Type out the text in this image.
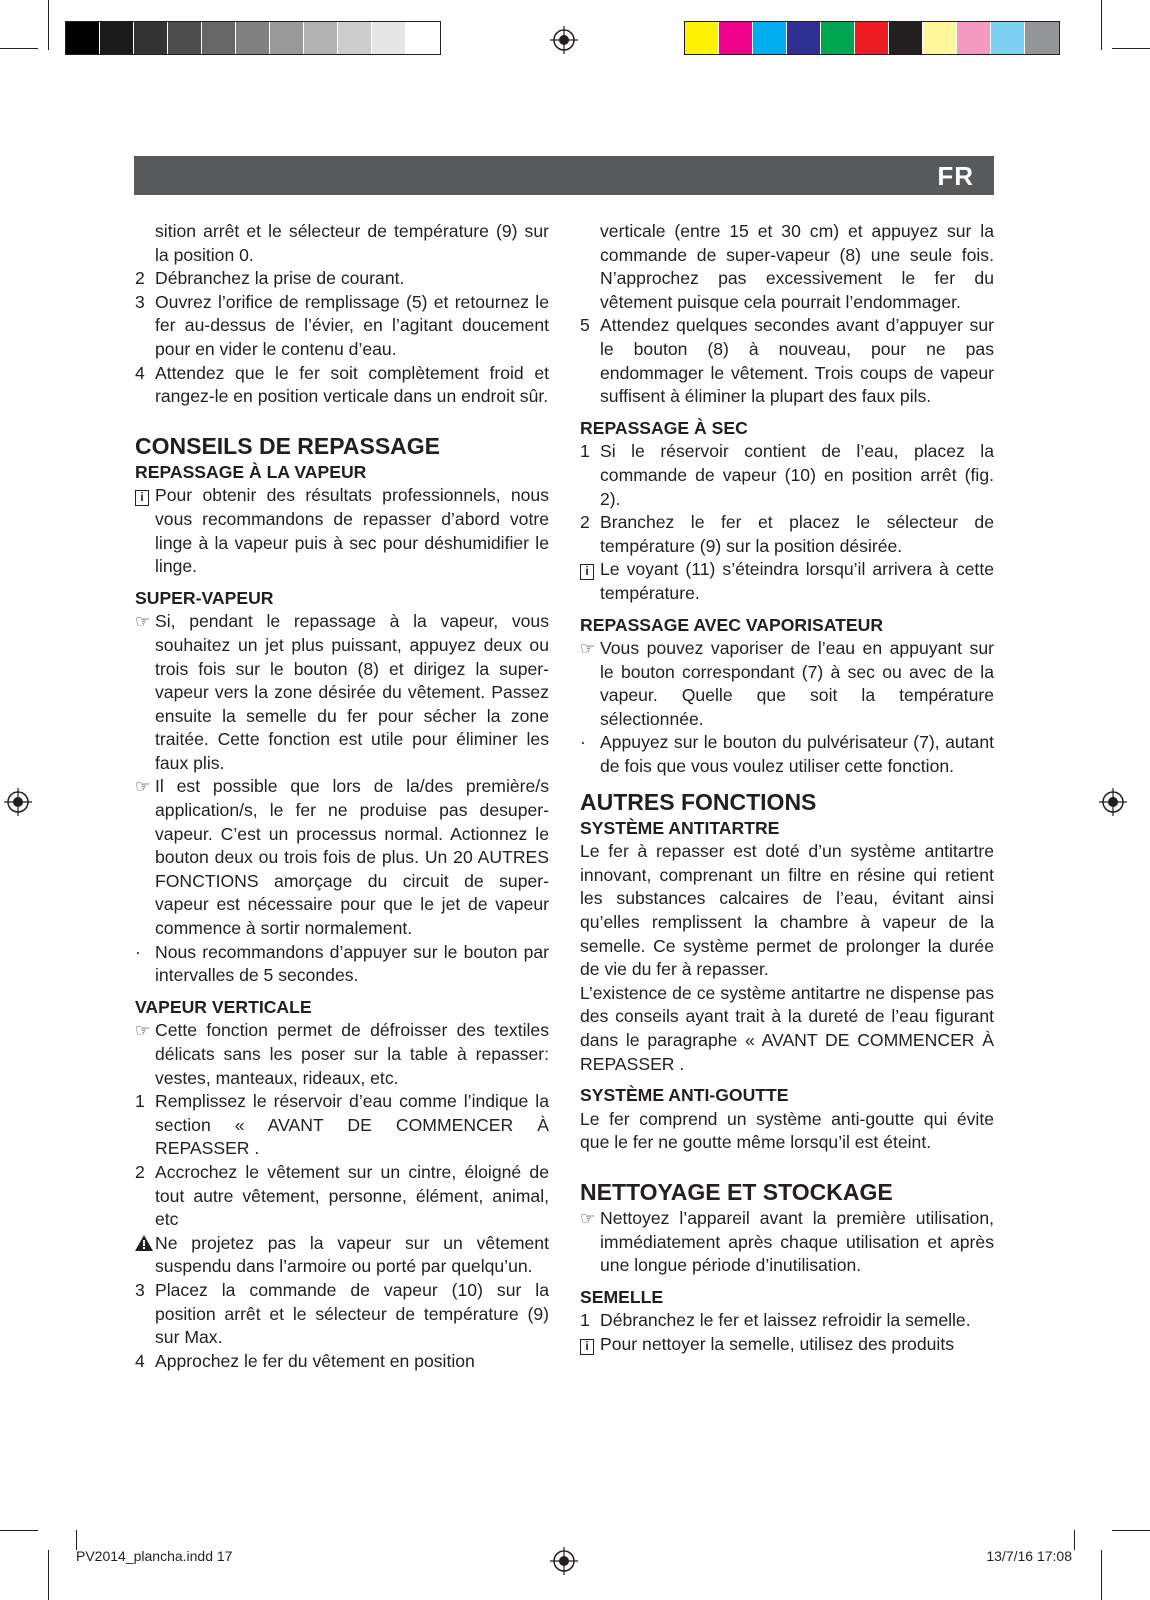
FR

sition arrêt et le sélecteur de température (9) sur la position 0.

2 Débranchez la prise de courant.
3 Ouvrez l’orifice de remplissage (5) et retournez le fer au-dessus de l’évier, en l’agitant doucement pour en vider le contenu d’eau.
4 Attendez que le fer soit complètement froid et rangez-le en position verticale dans un endroit sûr.
CONSEILS DE REPASSAGE
REPASSAGE À LA VAPEUR
i Pour obtenir des résultats professionnels, nous vous recommandons de repasser d’abord votre linge à la vapeur puis à sec pour déshumidifier le linge.
SUPER-VAPEUR
☞ Si, pendant le repassage à la vapeur, vous souhaitez un jet plus puissant, appuyez deux ou trois fois sur le bouton (8) et dirigez la super-vapeur vers la zone désirée du vêtement. Passez ensuite la semelle du fer pour sécher la zone traitée. Cette fonction est utile pour éliminer les faux plis.
☞ Il est possible que lors de la/des première/s application/s, le fer ne produise pas desuper-vapeur. C’est un processus normal. Actionnez le bouton deux ou trois fois de plus. Un 20 AUTRES FONCTIONS amorçage du circuit de super-vapeur est nécessaire pour que le jet de vapeur commence à sortir normalement.
· Nous recommandons d’appuyer sur le bouton par intervalles de 5 secondes.
VAPEUR VERTICALE
☞ Cette fonction permet de défroisser des textiles délicats sans les poser sur la table à repasser: vestes, manteaux, rideaux, etc.
1 Remplissez le réservoir d’eau comme l’indique la section « AVANT DE COMMENCER À REPASSER .
2 Accrochez le vêtement sur un cintre, éloigné de tout autre vêtement, personne, élément, animal, etc
Ne projetez pas la vapeur sur un vêtement suspendu dans l’armoire ou porté par quelqu’un.
3 Placez la commande de vapeur (10) sur la position arrêt et le sélecteur de température (9) sur Max.
4 Approchez le fer du vêtement en position

verticale (entre 15 et 30 cm) et appuyez sur la commande de super-vapeur (8) une seule fois. N’approchez pas excessivement le fer du vêtement puisque cela pourrait l’endommager.

5 Attendez quelques secondes avant d’appuyer sur le bouton (8) à nouveau, pour ne pas endommager le vêtement. Trois coups de vapeur suffisent à éliminer la plupart des faux pils.
REPASSAGE À SEC
1 Si le réservoir contient de l’eau, placez la commande de vapeur (10) en position arrêt (fig. 2).
2 Branchez le fer et placez le sélecteur de température (9) sur la position désirée.
i Le voyant (11) s’éteindra lorsqu’il arrivera à cette température.
REPASSAGE AVEC VAPORISATEUR
☞ Vous pouvez vaporiser de l’eau en appuyant sur le bouton correspondant (7) à sec ou avec de la vapeur. Quelle que soit la température sélectionnée.
· Appuyez sur le bouton du pulvérisateur (7), autant de fois que vous voulez utiliser cette fonction.
AUTRES FONCTIONS
SYSTÈME ANTITARTRE

Le fer à repasser est doté d’un système antitartre innovant, comprenant un filtre en résine qui retient les substances calcaires de l’eau, évitant ainsi qu’elles remplissent la chambre à vapeur de la semelle. Ce système permet de prolonger la durée de vie du fer à repasser.

L’existence de ce système antitartre ne dispense pas des conseils ayant trait à la dureté de l’eau figurant dans le paragraphe « AVANT DE COMMENCER À REPASSER .

SYSTÈME ANTI-GOUTTE

Le fer comprend un système anti-goutte qui évite que le fer ne goutte même lorsqu’il est éteint.

NETTOYAGE ET STOCKAGE
☞ Nettoyez l’appareil avant la première utilisation, immédiatement après chaque utilisation et après une longue période d’inutilisation.
SEMELLE
1 Débranchez le fer et laissez refroidir la semelle.
i Pour nettoyer la semelle, utilisez des produits
PV2014_plancha.indd 17	13/7/16 17:08
